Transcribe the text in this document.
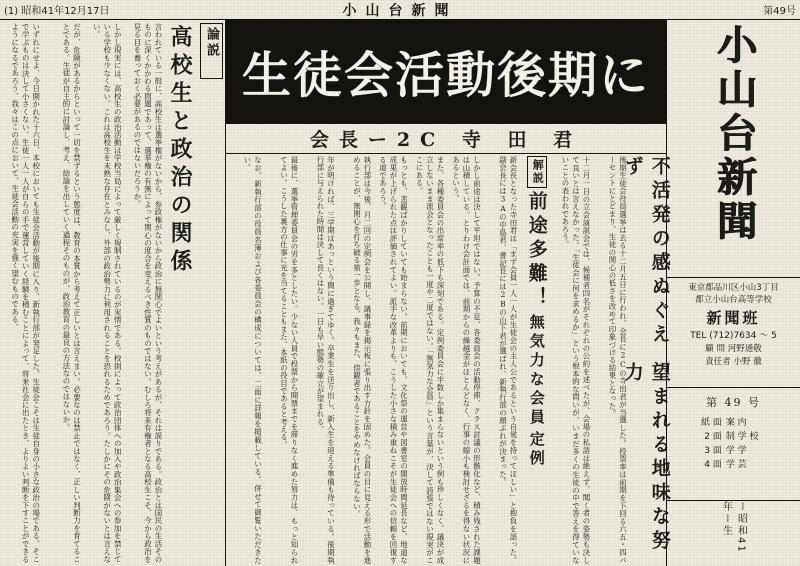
(1) 昭和41年12月17日	小山台新聞	第49号
論説
高校生と政治の関係
言われている一般に、高校生は選挙権がないから、参政権がないから政治に無関心でよいという考えがあるが、それは誤りである。政治とは国民の生活そのものに深くかかわる問題であって、選挙権の有無によって関心の度合を変えるべき性質のものではない。むしろ将来有権者となる高校生こそ、今から政治を見る目を養っておく必要があるのではないだろうか。
しかし現実には、高校生の政治活動は学校当局によって厳しく規制されているのが実情である。校則によって政治団体への加入や政治集会への参加を禁じている学校も少なくない。これは高校生を未熟な存在とみなし、外部の政治勢力に利用されることを恐れるためであろう。たしかにその危険がないとは言えない。
だが、危険があるからといって一切を禁ずるという態度は、教育の本質から考えて正しいとは言えまい。必要なのは禁止ではなく、正しい判断力を育てることである。生徒が自主的に討論し、考え、結論を出していく過程そのものが、政治教育の最良の方法なのではないか。
いずれにせよ、今日開かれた十六日、本校においても生徒会活動が後期に入り、新執行部が発足した。生徒会こそは生徒自身の小さな政治の場である。そこで学ぶものは決して小さくない。生徒一人一人が自らの手で運営していく経験を積むことによって、将来社会に出たとき、よりよい判断を下すことができるようになるであろう。我々はこの点において、生徒会活動の充実を強く望むものである。	生徒会活動後期に
会長ー2C 寺 田 君
不活発の感ぬぐえず
望まれる地味な努力
後期生徒会役員選挙は去る十二月五日に行われ、会長に2Cの寺田君が当選した。投票率は前期を下回る六五・四パーセントにとどまり、生徒の関心の低さを改めて印象づける結果となった。
十二月一日の立会演説会では、候補者四名がそれぞれの公約を述べたが、会場の私語は絶えず、聞く者の姿勢も決して良いとは言えなかった。「生徒会に何を求めるか」という根本的な問いが、いまだ多くの生徒の中で答えを得ていないことの表われであろう。
解説
前途多難！
無気力な会員
定例
新会長となった寺田君は「まず会員一人一人が生徒会の主人公であるという自覚を持ってほしい」と抱負を語った。副会長には3Aの中島君、書記長には2Bの山下君が選ばれ、新執行部の顔ぶれが決まった。
しかし前途は決して平坦ではない。予算の不足、各委員会の活動停滞、クラス討議の形骸化など、積み残された課題は山積している。とりわけ会計面では、前期からの繰越金がほとんどなく、行事の縮小も検討せざるを得ない状況にあるという。
また、各種委員会の出席率の低下も深刻である。定例委員会に半数しか集まらないという例も珍しくなく、議決が成立しないまま流会となったことも一度や二度ではない。「無気力な会員」という言葉が、決して誇張ではない現実がここにある。
もっとも、悲観ばかりしていても始まらない。前期においても、文化祭の運営や図書室の開放時間延長など、地道な成果が上げられた点は評価されてよい。派手な改革よりも、こうした小さな積み重ねこそが生徒会への信頼を回復する道であろう。
執行部は今後、月二回の定例会を公開し、議事録を掲示板に張り出す方針を固めた。会員の目に見える形で活動を進めることが、無関心を打ち破る第一歩となる。我々もまた、傍観者であることをやめなければならない。
年が明ければ、三学期はあっという間に過ぎてゆく。卒業生を送り出し、新入生を迎える準備も待っている。後期執行部に与えられた時間は決して長くはない。一日も早い態勢の確立が望まれる。
最後に、選挙管理委員会の労を多としたい。少ない人員で投票から開票までを滞りなく進めた努力は、もっと知られてよい。こうした裏方の仕事に光を当てることもまた、本紙の役目であると考える。
なお、新執行部の役員名簿および各委員会の構成については、二面に詳報を掲載している。併せて御覧いただきたい。	小山台新聞
東京都品川区小山3丁目
都立小山台高等学校
新聞班
TEL (712)7634 〜 5
顧 問 河野通敬
責任者 小野 徹
第 49 号
紙 面	案 内
2 面	制 学 校
3 面	学 学
4 面	学 芸
ー昭和41年ー生
